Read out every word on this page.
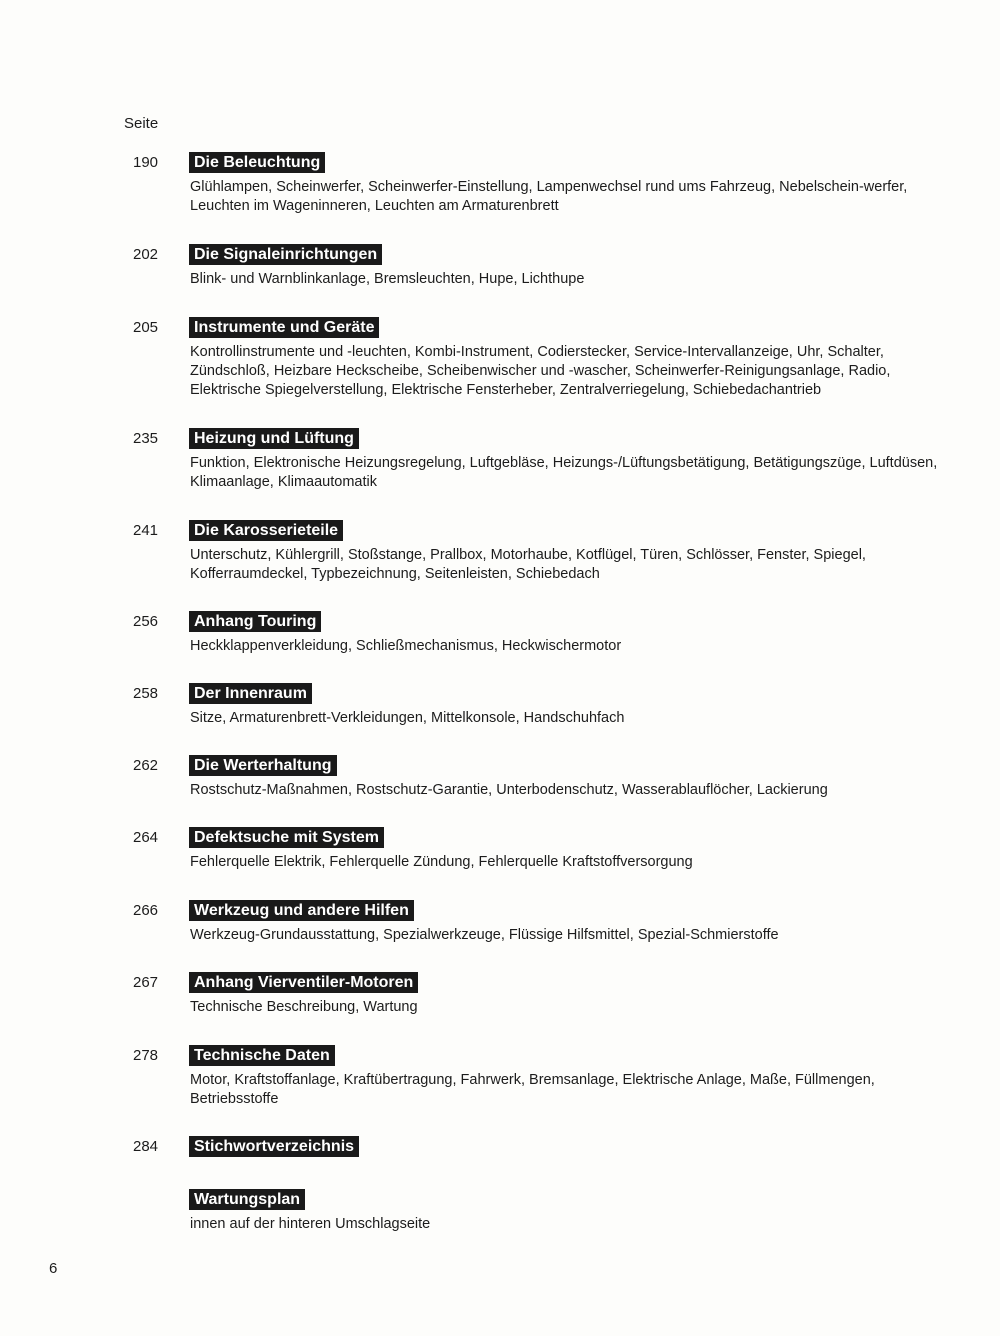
Seite
190	Die Beleuchtung
Glühlampen, Scheinwerfer, Scheinwerfer-Einstellung, Lampenwechsel rund ums Fahrzeug, Nebelschein-werfer, Leuchten im Wageninneren, Leuchten am Armaturenbrett
202	Die Signaleinrichtungen
Blink- und Warnblinkanlage, Bremsleuchten, Hupe, Lichthupe
205	Instrumente und Geräte
Kontrollinstrumente und -leuchten, Kombi-Instrument, Codierstecker, Service-Intervallanzeige, Uhr, Schalter, Zündschloß, Heizbare Heckscheibe, Scheibenwischer und -wascher, Scheinwerfer-Reinigungsanlage, Radio, Elektrische Spiegelverstellung, Elektrische Fensterheber, Zentralverriegelung, Schiebedachantrieb
235	Heizung und Lüftung
Funktion, Elektronische Heizungsregelung, Luftgebläse, Heizungs-/Lüftungsbetätigung, Betätigungszüge, Luftdüsen, Klimaanlage, Klimaautomatik
241	Die Karosserieteile
Unterschutz, Kühlergrill, Stoßstange, Prallbox, Motorhaube, Kotflügel, Türen, Schlösser, Fenster, Spiegel, Kofferraumdeckel, Typbezeichnung, Seitenleisten, Schiebedach
256	Anhang Touring
Heckklappenverkleidung, Schließmechanismus, Heckwischermotor
258	Der Innenraum
Sitze, Armaturenbrett-Verkleidungen, Mittelkonsole, Handschuhfach
262	Die Werterhaltung
Rostschutz-Maßnahmen, Rostschutz-Garantie, Unterbodenschutz, Wasserablauflöcher, Lackierung
264	Defektsuche mit System
Fehlerquelle Elektrik, Fehlerquelle Zündung, Fehlerquelle Kraftstoffversorgung
266	Werkzeug und andere Hilfen
Werkzeug-Grundausstattung, Spezialwerkzeuge, Flüssige Hilfsmittel, Spezial-Schmierstoffe
267	Anhang Vierventiler-Motoren
Technische Beschreibung, Wartung
278	Technische Daten
Motor, Kraftstoffanlage, Kraftübertragung, Fahrwerk, Bremsanlage, Elektrische Anlage, Maße, Füllmengen, Betriebsstoffe
284	Stichwortverzeichnis
Wartungsplan
innen auf der hinteren Umschlagseite
6
